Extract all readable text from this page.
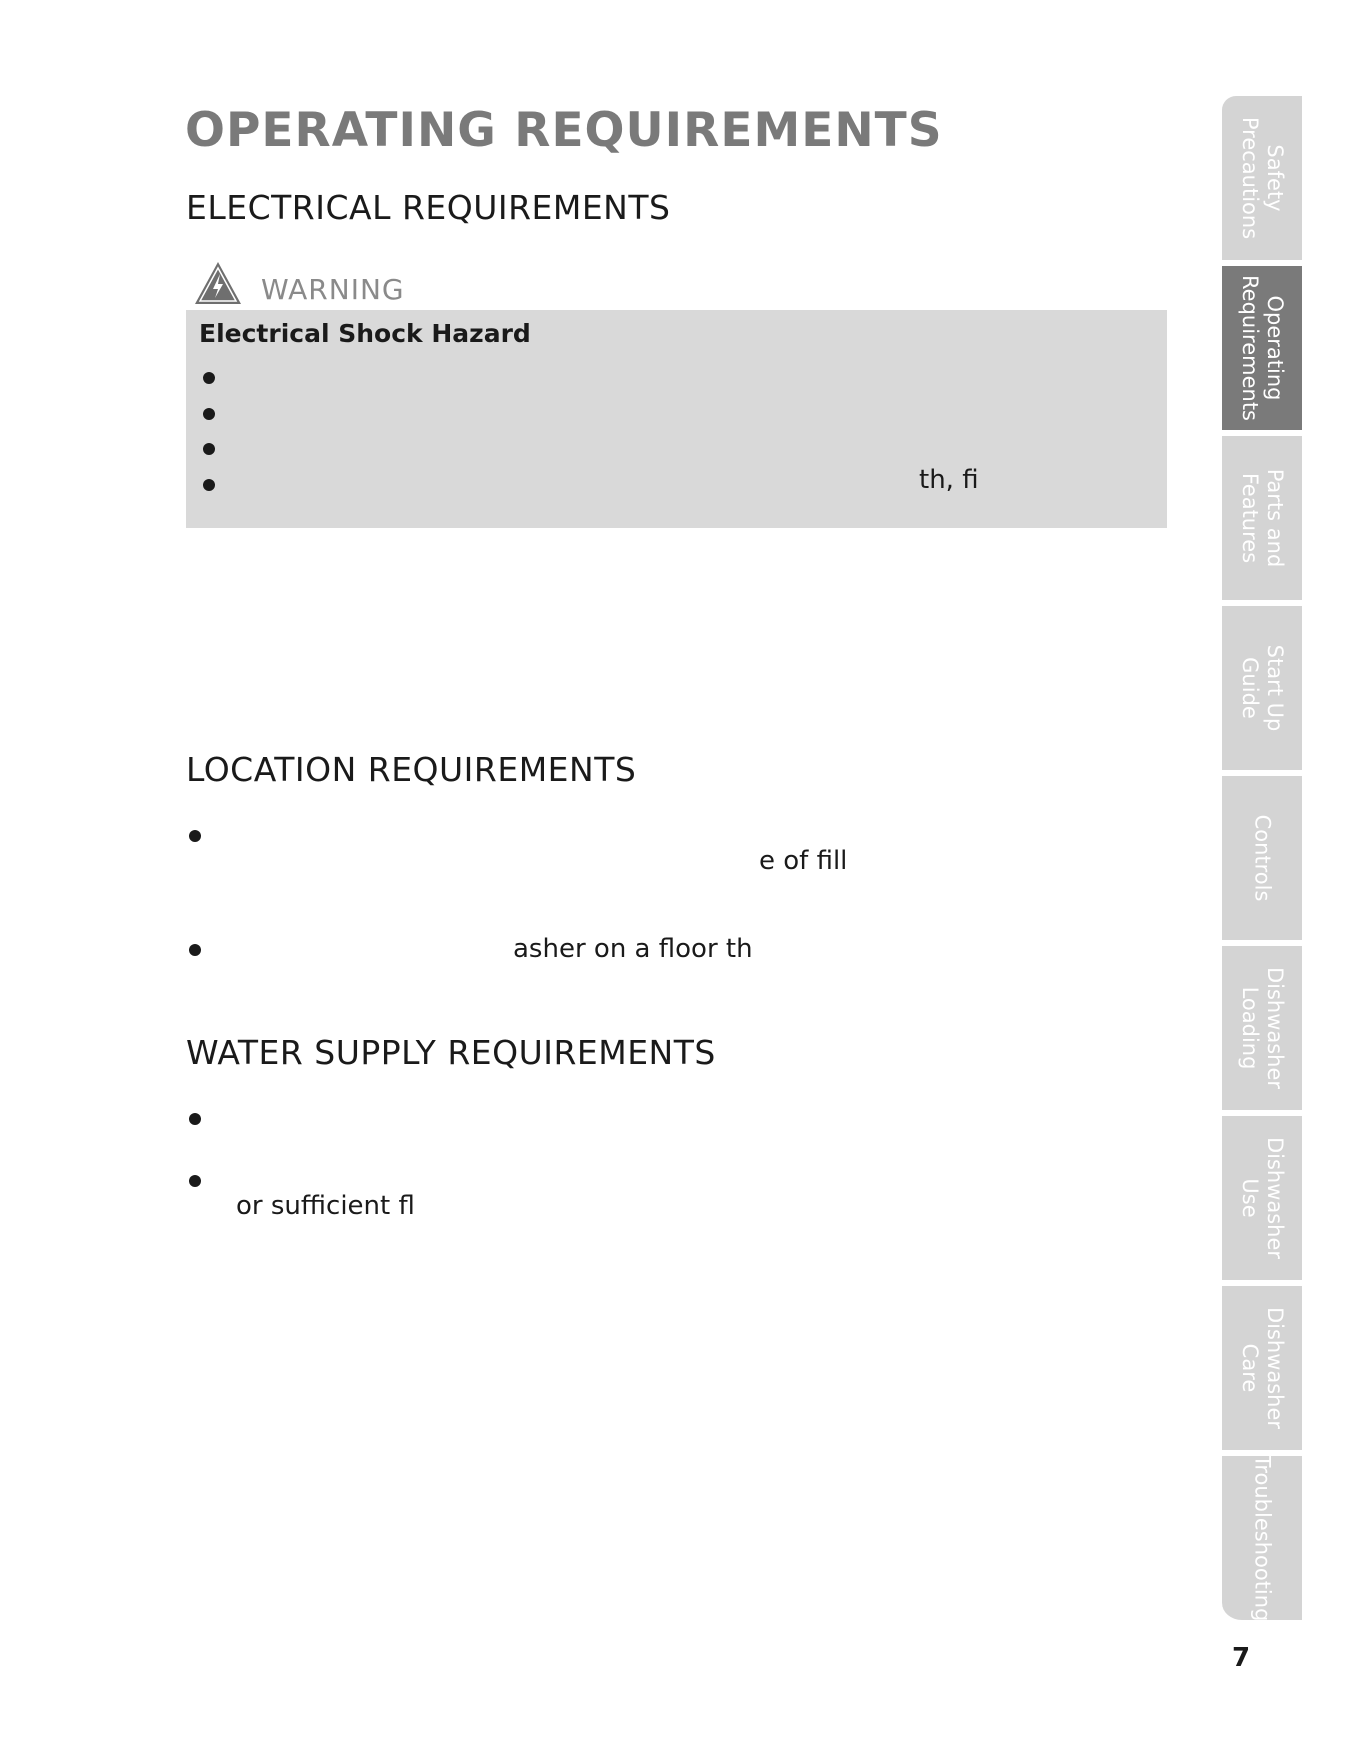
OPERATING REQUIREMENTS
ELECTRICAL REQUIREMENTS
WARNING
Electrical Shock Hazard
th, fi
LOCATION REQUIREMENTS
e of fill
asher on a floor th
WATER SUPPLY REQUIREMENTS
or sufficient fl
Safety
Precautions
Operating
Requirements
Parts and
Features
Start Up
Guide
Controls
Dishwasher
Loading
Dishwasher
Use
Dishwasher
Care
Troubleshooting
7
